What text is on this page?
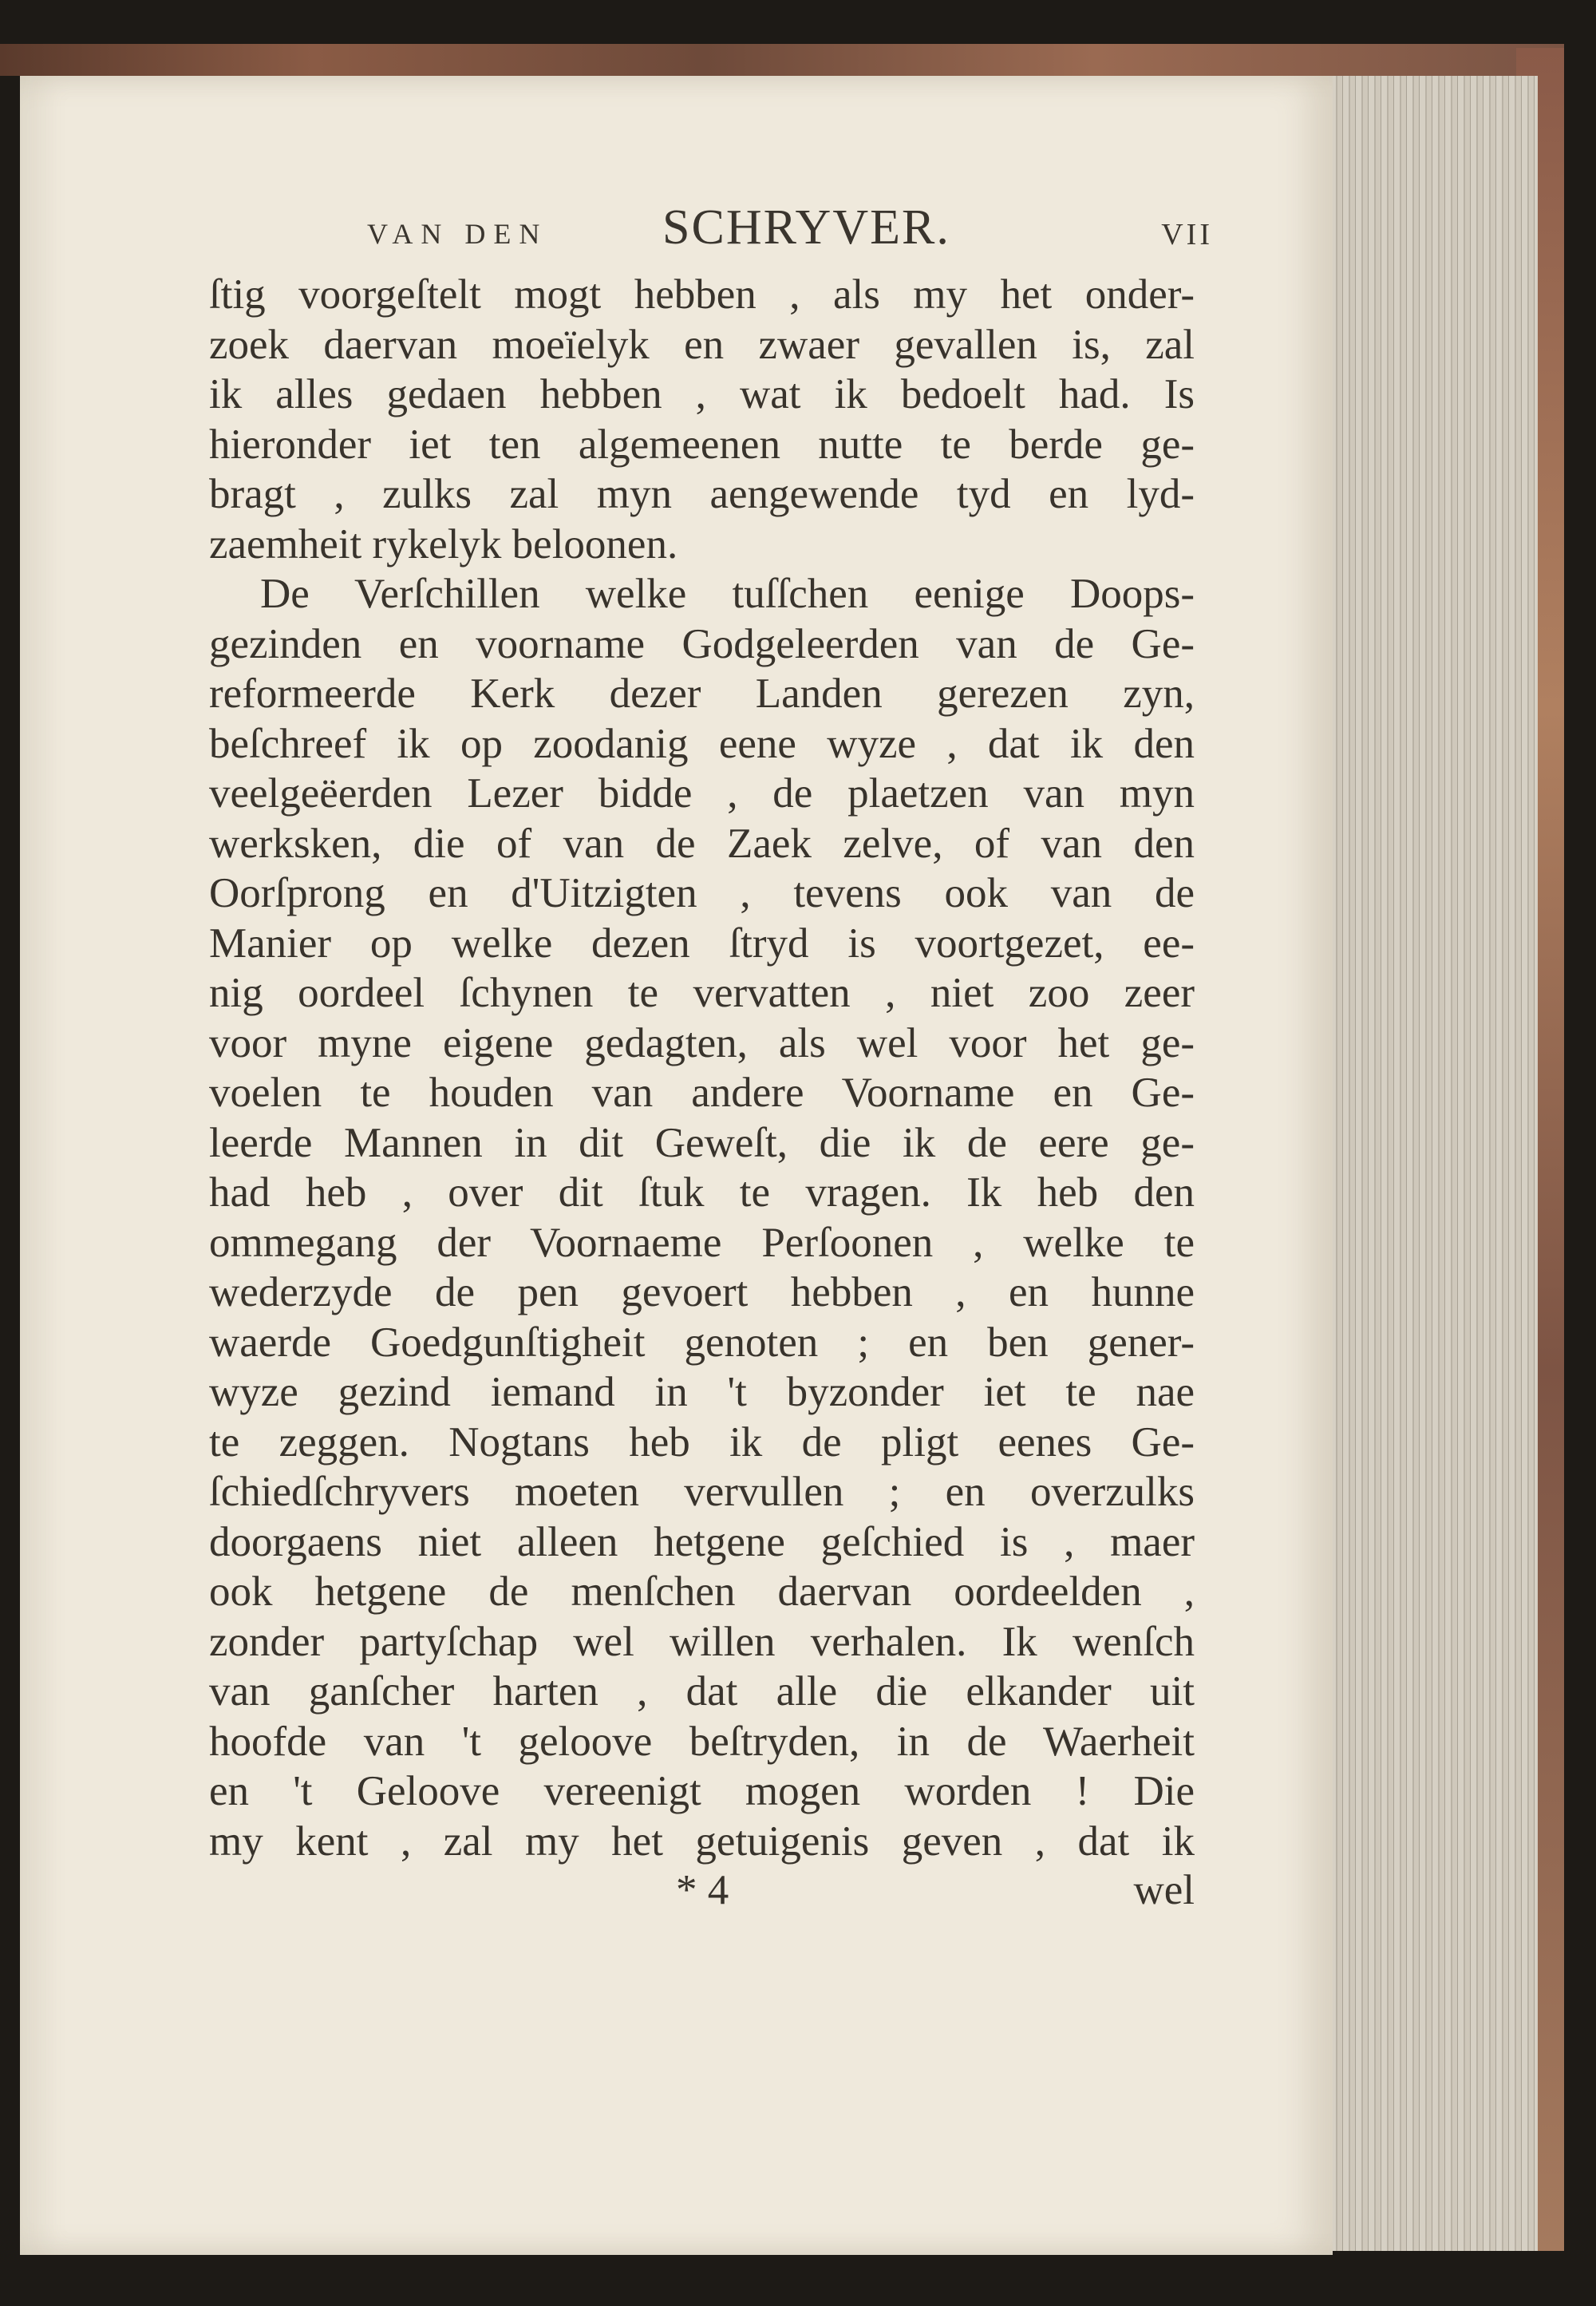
VAN DEN SCHRYVER.	VII
ſtig voorgeſtelt mogt hebben , als my het onder-
zoek daervan moeïelyk en zwaer gevallen is, zal
ik alles gedaen hebben , wat ik bedoelt had. Is
hieronder iet ten algemeenen nutte te berde ge-
bragt , zulks zal myn aengewende tyd en lyd-
zaemheit rykelyk beloonen.
De Verſchillen welke tuſſchen eenige Doops-
gezinden en voorname Godgeleerden van de Ge-
reformeerde Kerk dezer Landen gerezen zyn,
beſchreef ik op zoodanig eene wyze , dat ik den
veelgeëerden Lezer bidde , de plaetzen van myn
werksken, die of van de Zaek zelve, of van den
Oorſprong en d'Uitzigten , tevens ook van de
Manier op welke dezen ſtryd is voortgezet, ee-
nig oordeel ſchynen te vervatten , niet zoo zeer
voor myne eigene gedagten, als wel voor het ge-
voelen te houden van andere Voorname en Ge-
leerde Mannen in dit Geweſt, die ik de eere ge-
had heb , over dit ſtuk te vragen. Ik heb den
ommegang der Voornaeme Perſoonen , welke te
wederzyde de pen gevoert hebben , en hunne
waerde Goedgunſtigheit genoten ; en ben gener-
wyze gezind iemand in 't byzonder iet te nae
te zeggen. Nogtans heb ik de pligt eenes Ge-
ſchiedſchryvers moeten vervullen ; en overzulks
doorgaens niet alleen hetgene geſchied is , maer
ook hetgene de menſchen daervan oordeelden ,
zonder partyſchap wel willen verhalen. Ik wenſch
van ganſcher harten , dat alle die elkander uit
hoofde van 't geloove beſtryden, in de Waerheit
en 't Geloove vereenigt mogen worden ! Die
my kent , zal my het getuigenis geven , dat ik
* 4	wel
